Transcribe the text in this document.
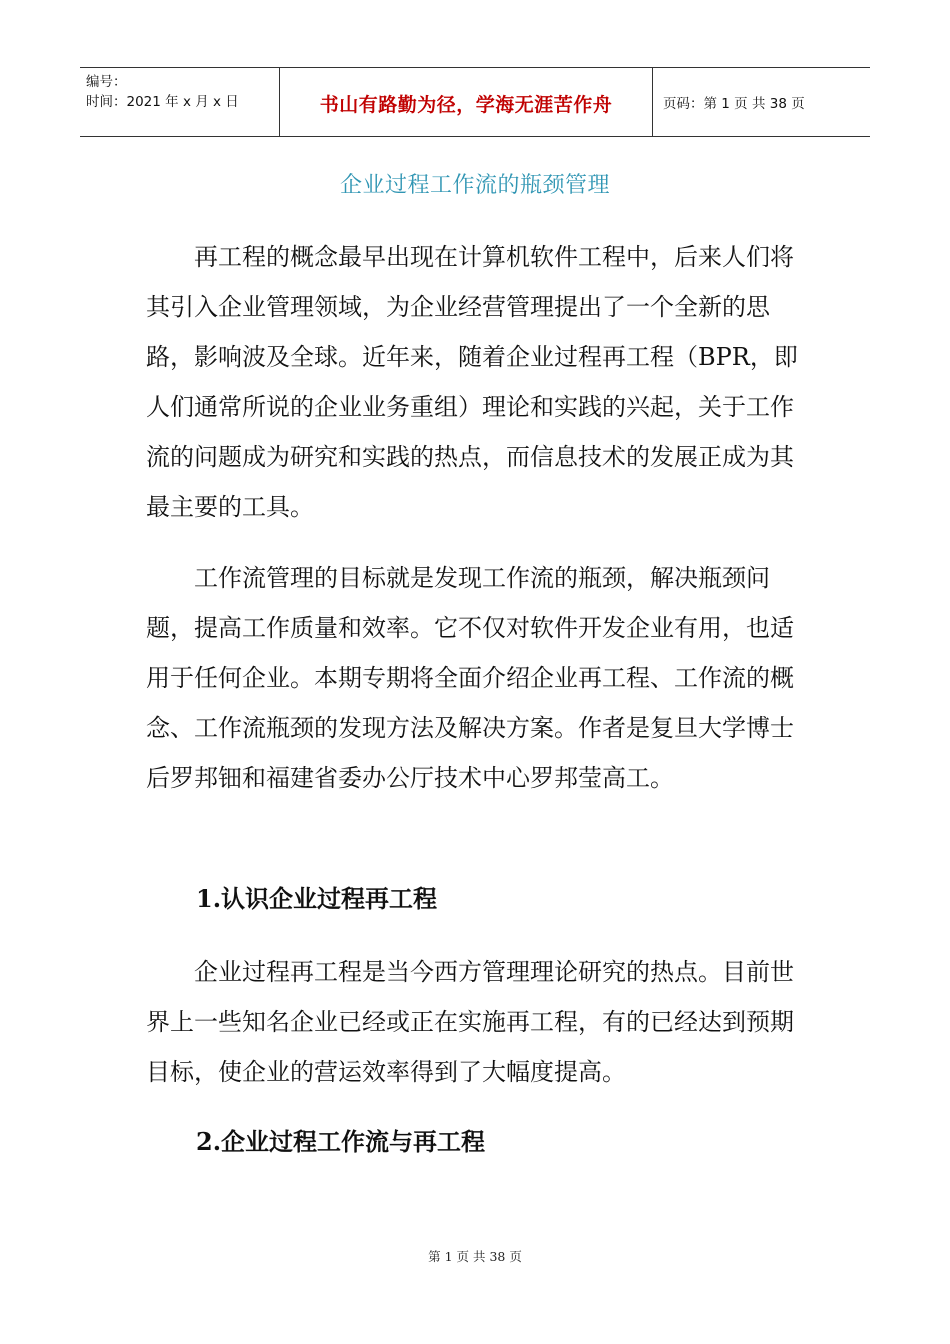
编号：
时间：2021 年 x 月 x 日	书山有路勤为径，学海无涯苦作舟	页码：第 1 页 共 38 页
企业过程工作流的瓶颈管理

再工程的概念最早出现在计算机软件工程中，后来人们将其引入企业管理领域，为企业经营管理提出了一个全新的思路，影响波及全球。近年来，随着企业过程再工程（BPR，即人们通常所说的企业业务重组）理论和实践的兴起，关于工作流的问题成为研究和实践的热点，而信息技术的发展正成为其最主要的工具。

工作流管理的目标就是发现工作流的瓶颈，解决瓶颈问题，提高工作质量和效率。它不仅对软件开发企业有用，也适用于任何企业。本期专期将全面介绍企业再工程、工作流的概念、工作流瓶颈的发现方法及解决方案。作者是复旦大学博士后罗邦钿和福建省委办公厅技术中心罗邦莹高工。

1.认识企业过程再工程

企业过程再工程是当今西方管理理论研究的热点。目前世界上一些知名企业已经或正在实施再工程，有的已经达到预期目标，使企业的营运效率得到了大幅度提高。

2.企业过程工作流与再工程
第 1 页 共 38 页
